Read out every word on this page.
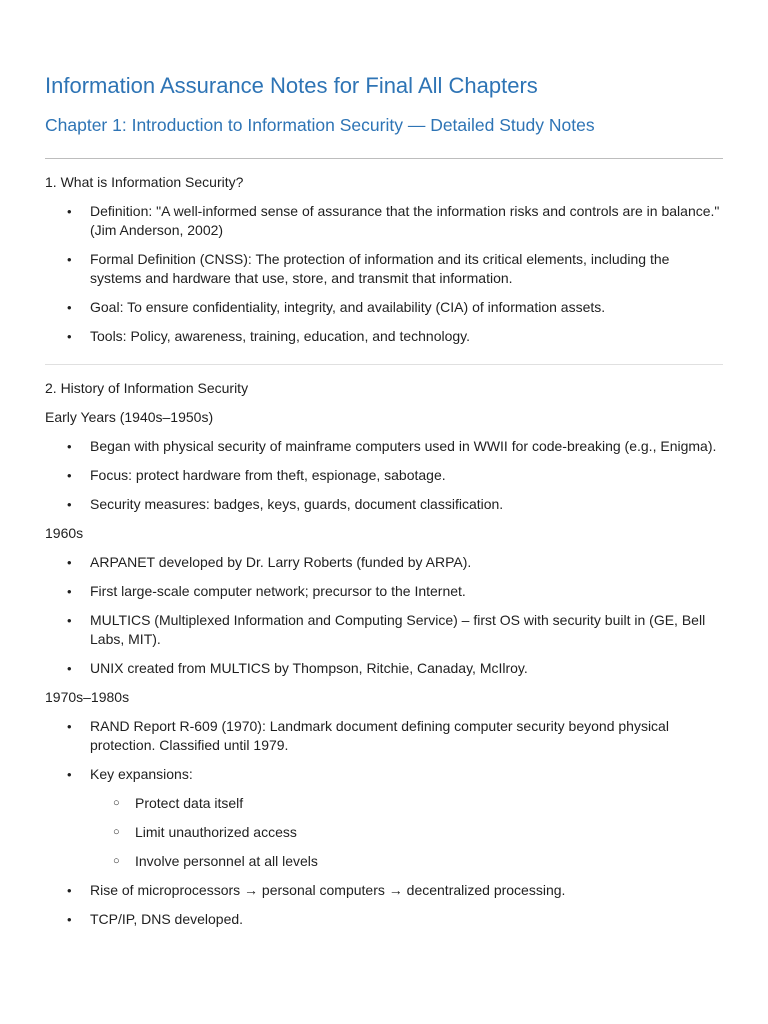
Information Assurance Notes for Final All Chapters
Chapter 1: Introduction to Information Security — Detailed Study Notes
1. What is Information Security?
• Definition: "A well-informed sense of assurance that the information risks and controls are in balance." (Jim Anderson, 2002)
• Formal Definition (CNSS): The protection of information and its critical elements, including the systems and hardware that use, store, and transmit that information.
• Goal: To ensure confidentiality, integrity, and availability (CIA) of information assets.
• Tools: Policy, awareness, training, education, and technology.
2. History of Information Security
Early Years (1940s–1950s)
• Began with physical security of mainframe computers used in WWII for code-breaking (e.g., Enigma).
• Focus: protect hardware from theft, espionage, sabotage.
• Security measures: badges, keys, guards, document classification.
1960s
• ARPANET developed by Dr. Larry Roberts (funded by ARPA).
• First large-scale computer network; precursor to the Internet.
• MULTICS (Multiplexed Information and Computing Service) – first OS with security built in (GE, Bell Labs, MIT).
• UNIX created from MULTICS by Thompson, Ritchie, Canaday, McIlroy.
1970s–1980s
• RAND Report R-609 (1970): Landmark document defining computer security beyond physical protection. Classified until 1979.
• Key expansions:
○ Protect data itself
○ Limit unauthorized access
○ Involve personnel at all levels
• Rise of microprocessors → personal computers → decentralized processing.
• TCP/IP, DNS developed.
